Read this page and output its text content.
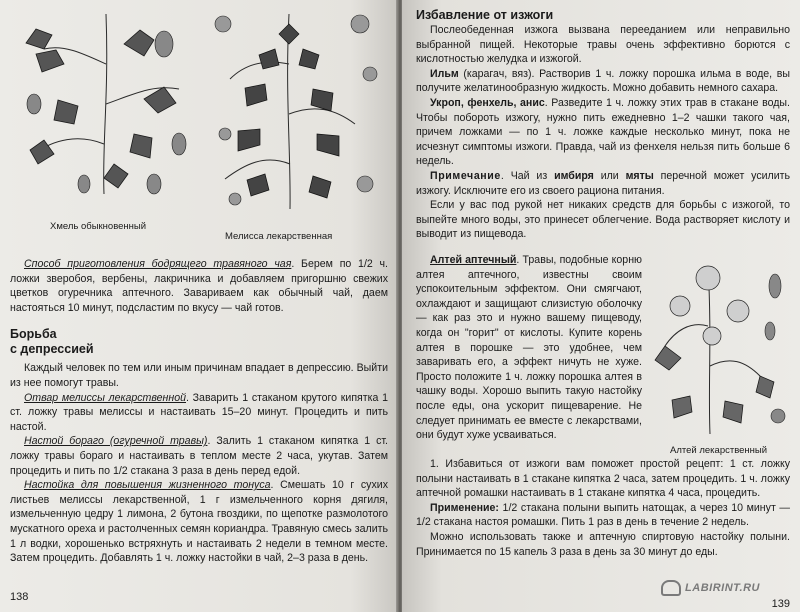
Хмель обыкновенный
Мелисса лекарственная

Способ приготовления бодрящего травяного чая. Берем по 1/2 ч. ложки зверобоя, вербены, лакричника и добавляем пригоршню свежих цветков огуречника аптечного. Завариваем как обычный чай, даем настояться 10 минут, подсластим по вкусу — чай готов.

Борьба

с депрессией

Каждый человек по тем или иным причинам впадает в депрессию. Выйти из нее помогут травы.

Отвар мелиссы лекарственной. Заварить 1 стаканом крутого кипятка 1 ст. ложку травы мелиссы и настаивать 15–20 минут. Процедить и пить настой.

Настой бораго (огуречной травы). Залить 1 стаканом кипятка 1 ст. ложку травы бораго и настаивать в теплом месте 2 часа, укутав. Затем процедить и пить по 1/2 стакана 3 раза в день перед едой.

Настойка для повышения жизненного тонуса. Смешать 10 г сухих листьев мелиссы лекарственной, 1 г измельченного корня дягиля, измельченную цедру 1 лимона, 2 бутона гвоздики, по щепотке размолотого мускатного ореха и растолченных семян кориандра. Травяную смесь залить 1 л водки, хорошенько встряхнуть и настаивать 2 недели в темном месте. Затем процедить. Добавлять 1 ч. ложку настойки в чай, 2–3 раза в день.

138

Избавление от изжоги

Послеобеденная изжога вызвана перееданием или неправильно выбранной пищей. Некоторые травы очень эффективно борются с кислотностью желудка и изжогой.

Ильм (карагач, вяз). Растворив 1 ч. ложку порошка ильма в воде, вы получите желатинообразную жидкость. Можно добавить немного сахара.

Укроп, фенхель, анис. Разведите 1 ч. ложку этих трав в стакане воды. Чтобы побороть изжогу, нужно пить ежедневно 1–2 чашки такого чая, причем ложками — по 1 ч. ложке каждые несколько минут, пока не исчезнут симптомы изжоги. Правда, чай из фенхеля нельзя пить больше 6 недель.

Примечание. Чай из имбиря или мяты перечной может усилить изжогу. Исключите его из своего рациона питания.

Если у вас под рукой нет никаких средств для борьбы с изжогой, то выпейте много воды, это принесет облегчение. Вода растворяет кислоту и выводит из пищевода.

Алтей аптечный. Травы, подобные корню алтея аптечного, известны своим успокоительным эффектом. Они смягчают, охлаждают и защищают слизистую оболочку — как раз это и нужно вашему пищеводу, когда он "горит" от кислоты. Купите корень алтея в порошке — это удобнее, чем заваривать его, а эффект ничуть не хуже. Просто положите 1 ч. ложку порошка алтея в чашку воды. Хорошо выпить такую настойку после еды, она ускорит пищеварение. Не следует принимать ее вместе с лекарствами, они будут хуже усваиваться.

Алтей лекарственный

1. Избавиться от изжоги вам поможет простой рецепт: 1 ст. ложку полыни настаивать в 1 стакане кипятка 2 часа, затем процедить. 1 ч. ложку аптечной ромашки настаивать в 1 стакане кипятка 4 часа, процедить.

Применение: 1/2 стакана полыни выпить натощак, а через 10 минут — 1/2 стакана настоя ромашки. Пить 1 раз в день в течение 2 недель.

Можно использовать также и аптечную спиртовую настойку полыни. Принимается по 15 капель 3 раза в день за 30 минут до еды.

139
LABIRINT.RU
